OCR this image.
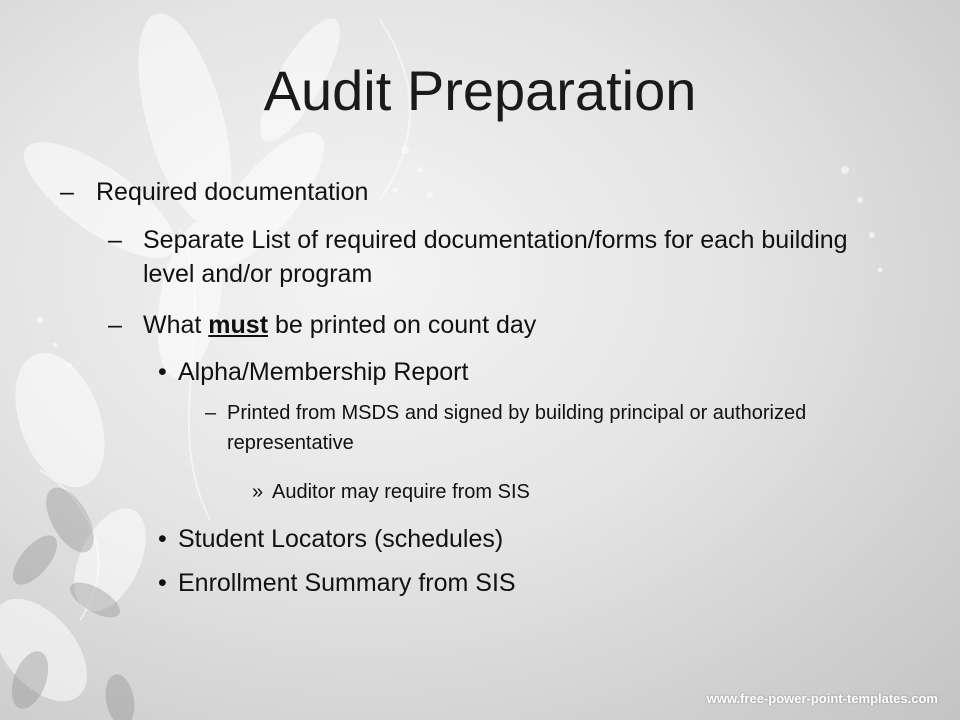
Audit Preparation
– Required documentation
– Separate List of required documentation/forms for each building level and/or program
– What must be printed on count day
• Alpha/Membership Report
– Printed from MSDS and signed by building principal or authorized representative
» Auditor may require from SIS
• Student Locators (schedules)
• Enrollment Summary from SIS
www.free-power-point-templates.com
